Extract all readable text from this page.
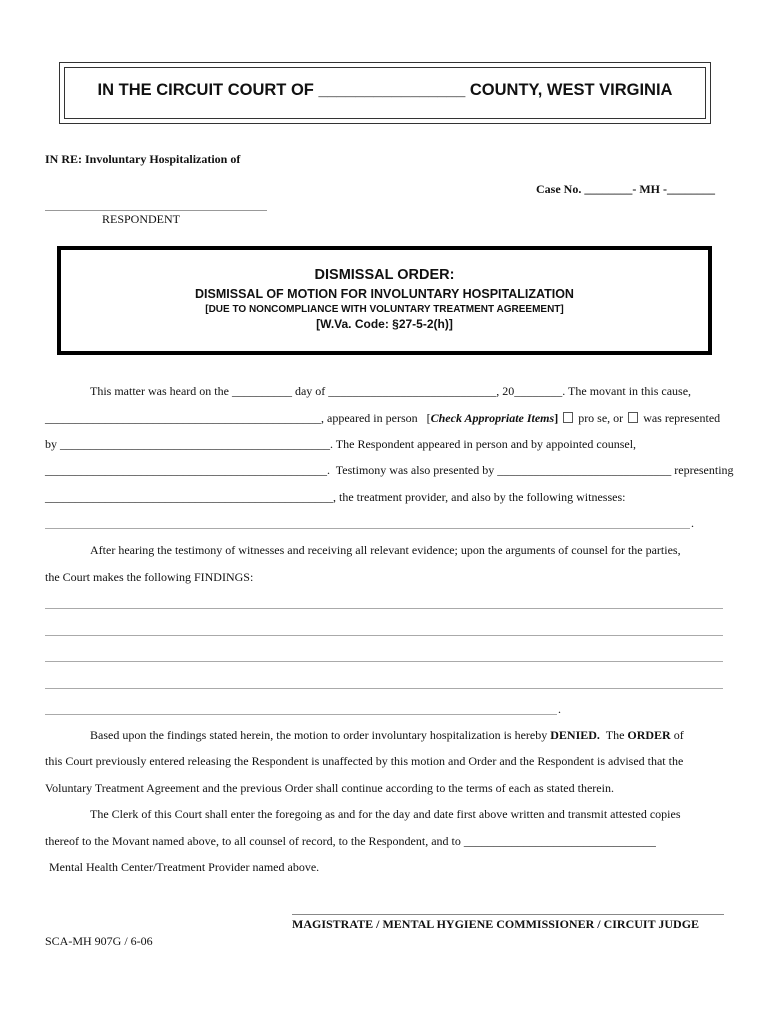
IN THE CIRCUIT COURT OF ________________ COUNTY, WEST VIRGINIA
IN RE: Involuntary Hospitalization of
Case No. ________- MH -________
RESPONDENT
DISMISSAL ORDER:
DISMISSAL OF MOTION FOR INVOLUNTARY HOSPITALIZATION
[DUE TO NONCOMPLIANCE WITH VOLUNTARY TREATMENT AGREEMENT]
[W.Va. Code: §27-5-2(h)]
This matter was heard on the __________ day of ____________________________, 20________. The movant in this cause,
______________________________________________, appeared in person   [Check Appropriate Items] pro se, or was represented
by _____________________________________________. The Respondent appeared in person and by appointed counsel,
_______________________________________________.  Testimony was also presented by _____________________________ representing
________________________________________________, the treatment provider, and also by the following witnesses:
.
After hearing the testimony of witnesses and receiving all relevant evidence; upon the arguments of counsel for the parties,
the Court makes the following FINDINGS:
.
Based upon the findings stated herein, the motion to order involuntary hospitalization is hereby DENIED. The ORDER of
this Court previously entered releasing the Respondent is unaffected by this motion and Order and the Respondent is advised that the
Voluntary Treatment Agreement and the previous Order shall continue according to the terms of each as stated therein.
The Clerk of this Court shall enter the foregoing as and for the day and date first above written and transmit attested copies
thereof to the Movant named above, to all counsel of record, to the Respondent, and to ________________________________
Mental Health Center/Treatment Provider named above.
MAGISTRATE / MENTAL HYGIENE COMMISSIONER / CIRCUIT JUDGE
SCA-MH 907G / 6-06
